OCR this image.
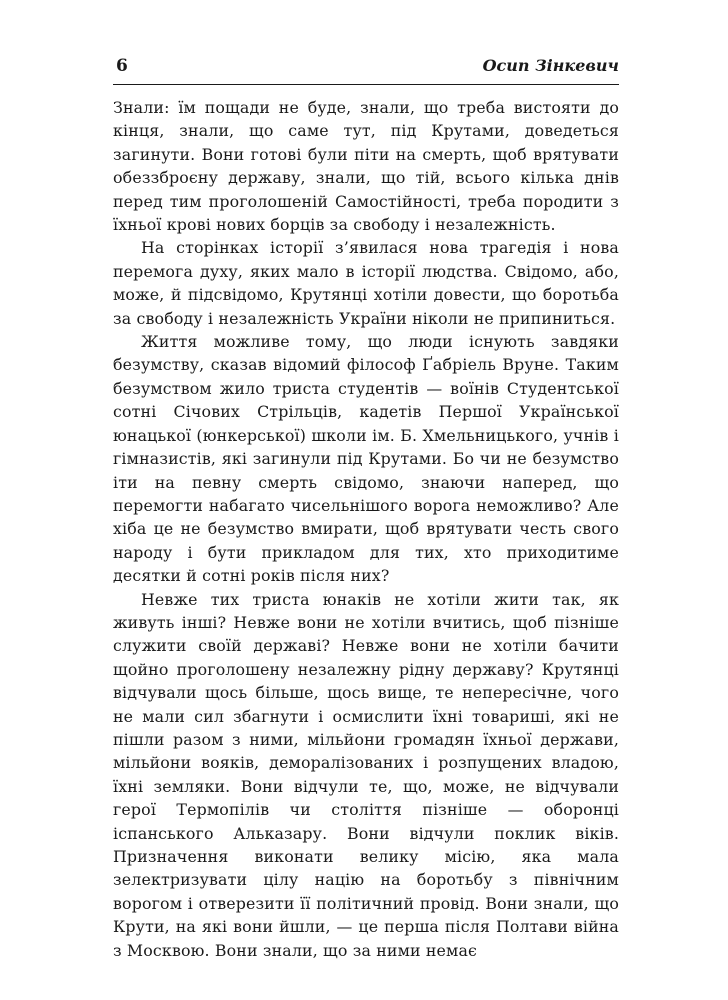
6	Осип Зінкевич

Знали: їм пощади не буде, знали, що треба вистояти до кінця, знали, що саме тут, під Крутами, доведеться загинути. Вони готові були піти на смерть, щоб врятувати обеззброєну державу, знали, що тій, всього кілька днів перед тим проголошеній Самостійності, треба породити з їхньої крові нових борців за свободу і незалежність.

На сторінках історії з’явилася нова трагедія і нова перемога духу, яких мало в історії людства. Свідомо, або, може, й підсвідомо, Крутянці хотіли довести, що боротьба за свободу і незалежність України ніколи не припиниться.

Життя можливе тому, що люди існують завдяки безумству, сказав відомий філософ Ґабріель Вруне. Таким безумством жило триста студентів — воїнів Студентської сотні Січових Стрільців, кадетів Першої Української юнацької (юнкерської) школи ім. Б. Хмельницького, учнів і гімназистів, які загинули під Крутами. Бо чи не безумство іти на певну смерть свідомо, знаючи наперед, що перемогти набагато чисельнішого ворога неможливо? Але хіба це не безумство вмирати, щоб врятувати честь свого народу і бути прикладом для тих, хто приходитиме десятки й сотні років після них?

Невже тих триста юнаків не хотіли жити так, як живуть інші? Невже вони не хотіли вчитись, щоб пізніше служити своїй державі? Невже вони не хотіли бачити щойно проголошену незалежну рідну державу? Крутянці відчували щось більше, щось вище, те непересічне, чого не мали сил збагнути і осмислити їхні товариші, які не пішли разом з ними, мільйони громадян їхньої держави, мільйони вояків, деморалізованих і розпущених владою, їхні земляки. Вони відчули те, що, може, не відчували герої Термопілів чи століття пізніше — оборонці іспанського Альказару. Вони відчули поклик віків. Призначення виконати велику місію, яка мала зелектризувати цілу націю на боротьбу з північним ворогом і отверезити її політичний провід. Вони знали, що Крути, на які вони йшли, — це перша після Полтави війна з Москвою. Вони знали, що за ними немає
